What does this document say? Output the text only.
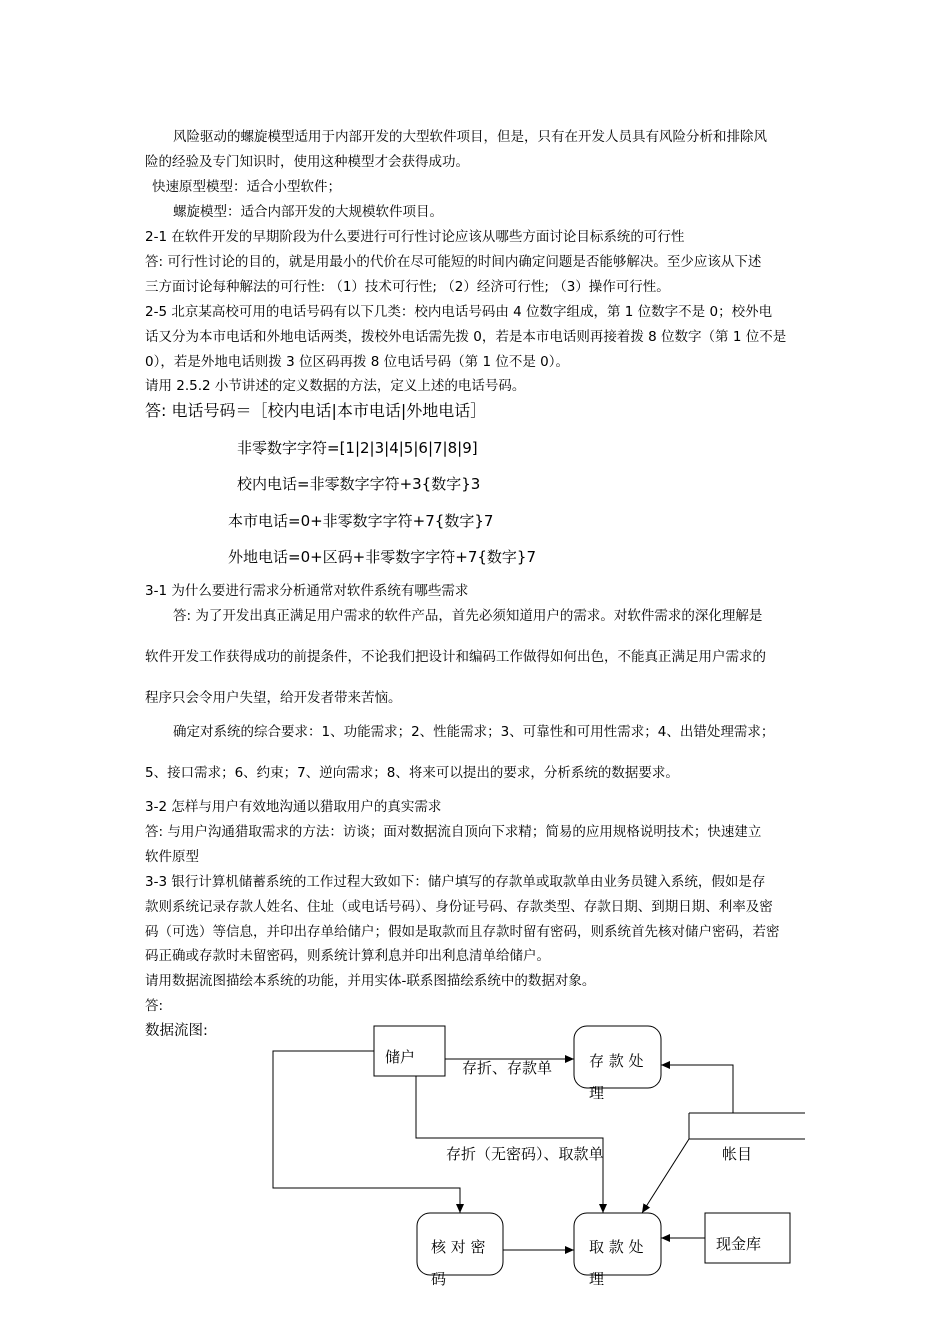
风险驱动的螺旋模型适用于内部开发的大型软件项目，但是，只有在开发人员具有风险分析和排除风
险的经验及专门知识时，使用这种模型才会获得成功。
快速原型模型：适合小型软件；
螺旋模型：适合内部开发的大规模软件项目。
2-1 在软件开发的早期阶段为什么要进行可行性讨论应该从哪些方面讨论目标系统的可行性
答: 可行性讨论的目的，就是用最小的代价在尽可能短的时间内确定问题是否能够解决。至少应该从下述
三方面讨论每种解法的可行性: （1）技术可行性; （2）经济可行性; （3）操作可行性。
2-5 北京某高校可用的电话号码有以下几类：校内电话号码由 4 位数字组成，第 1 位数字不是 0；校外电
话又分为本市电话和外地电话两类，拨校外电话需先拨 0，若是本市电话则再接着拨 8 位数字（第 1 位不是
0），若是外地电话则拨 3 位区码再拨 8 位电话号码（第 1 位不是 0）。
请用 2.5.2 小节讲述的定义数据的方法，定义上述的电话号码。
答: 电话号码＝［校内电话|本市电话|外地电话］
非零数字字符=[1|2|3|4|5|6|7|8|9]
校内电话=非零数字字符+3{数字}3
本市电话=0+非零数字字符+7{数字}7
外地电话=0+区码+非零数字字符+7{数字}7
3-1 为什么要进行需求分析通常对软件系统有哪些需求
答: 为了开发出真正满足用户需求的软件产品，首先必须知道用户的需求。对软件需求的深化理解是
软件开发工作获得成功的前提条件，不论我们把设计和编码工作做得如何出色，不能真正满足用户需求的
程序只会令用户失望，给开发者带来苦恼。
确定对系统的综合要求：1、功能需求；2、性能需求；3、可靠性和可用性需求；4、出错处理需求；
5、接口需求；6、约束；7、逆向需求；8、将来可以提出的要求，分析系统的数据要求。
3-2 怎样与用户有效地沟通以猎取用户的真实需求
答: 与用户沟通猎取需求的方法：访谈；面对数据流自顶向下求精；简易的应用规格说明技术；快速建立
软件原型
3-3 银行计算机储蓄系统的工作过程大致如下：储户填写的存款单或取款单由业务员键入系统，假如是存
款则系统记录存款人姓名、住址（或电话号码）、身份证号码、存款类型、存款日期、到期日期、利率及密
码（可选）等信息，并印出存单给储户；假如是取款而且存款时留有密码，则系统首先核对储户密码，若密
码正确或存款时未留密码，则系统计算利息并印出利息清单给储户。
请用数据流图描绘本系统的功能，并用实体-联系图描绘系统中的数据对象。
答:
数据流图:
储户	存 款 处
理
帐目
核 对 密
码
取 款 处
理
现金库
存折、存款单
存折（无密码）、取款单
